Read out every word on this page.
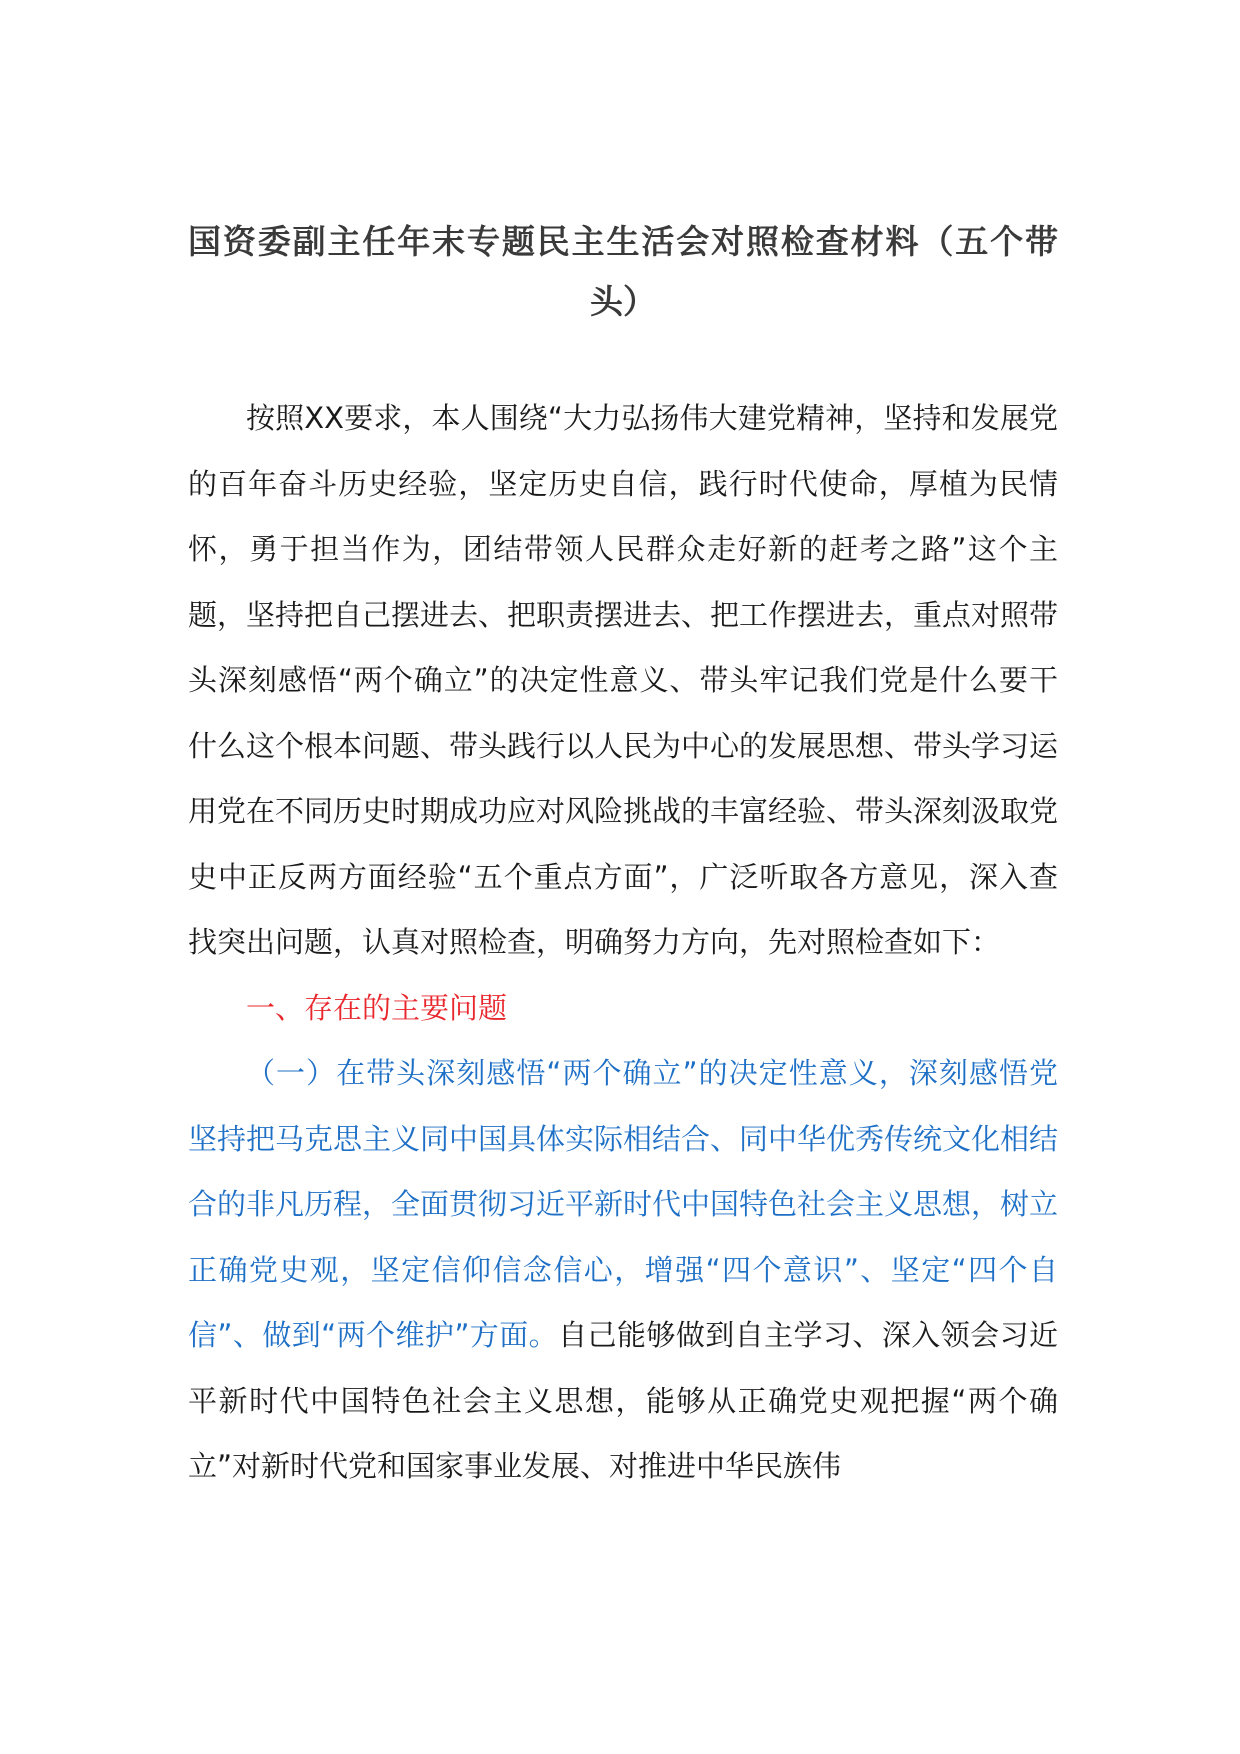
国资委副主任年末专题民主生活会对照检查材料（五个带头）

按照XX要求，本人围绕“大力弘扬伟大建党精神，坚持和发展党的百年奋斗历史经验，坚定历史自信，践行时代使命，厚植为民情怀，勇于担当作为，团结带领人民群众走好新的赶考之路”这个主题，坚持把自己摆进去、把职责摆进去、把工作摆进去，重点对照带头深刻感悟“两个确立”的决定性意义、带头牢记我们党是什么要干什么这个根本问题、带头践行以人民为中心的发展思想、带头学习运用党在不同历史时期成功应对风险挑战的丰富经验、带头深刻汲取党史中正反两方面经验“五个重点方面”，广泛听取各方意见，深入查找突出问题，认真对照检查，明确努力方向，先对照检查如下：

一、存在的主要问题

（一）在带头深刻感悟“两个确立”的决定性意义，深刻感悟党坚持把马克思主义同中国具体实际相结合、同中华优秀传统文化相结合的非凡历程，全面贯彻习近平新时代中国特色社会主义思想，树立正确党史观，坚定信仰信念信心，增强“四个意识”、坚定“四个自信”、做到“两个维护”方面。自己能够做到自主学习、深入领会习近平新时代中国特色社会主义思想，能够从正确党史观把握“两个确立”对新时代党和国家事业发展、对推进中华民族伟
